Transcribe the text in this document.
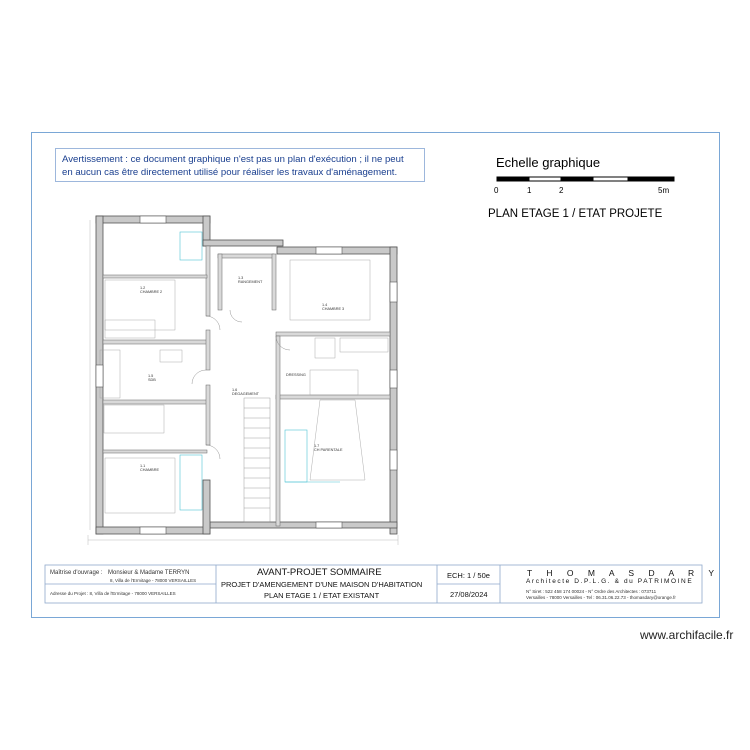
Avertissement : ce document graphique n'est pas un plan d'exécution ; il ne peut
en aucun cas être directement utilisé pour réaliser les travaux d'aménagement.
Echelle graphique
0	1	2	5m
PLAN ETAGE 1 / ETAT PROJETE
1.2
CHAMBRE 2
1.3
RANGEMENT
1.4
CHAMBRE 3
1.5
SDB
1.6
DEGAGEMENT
1.1
CHAMBRE
1.7
CH PARENTALE
DRESSING
Maîtrise d'ouvrage : Monsieur & Madame TERRYN
8, Villa de l'Ermitage - 78000 VERSAILLES
Adresse du Projet : 8, Villa de l'Ermitage - 78000 VERSAILLES
AVANT-PROJET SOMMAIRE
PROJET D'AMENGEMENT D'UNE MAISON D'HABITATION
PLAN ETAGE 1 / ETAT EXISTANT
ECH: 1 / 50e
27/08/2024
T H O M A S D A R Y
Architecte D.P.L.G. & du PATRIMOINE
N° Siret : 522 458 174 00024 - N° Ordre des Architectes : 073711
Versailles - 78000 Versailles - Tel : 06.31.06.22.73 - thomasdary@orange.fr
www.archifacile.fr
